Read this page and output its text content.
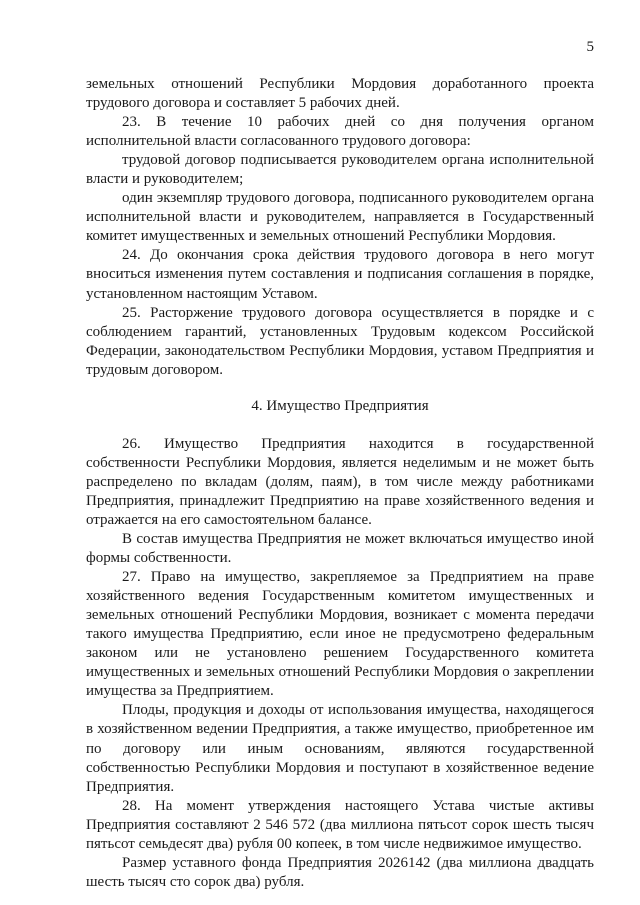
5

земельных отношений Республики Мордовия доработанного проекта трудового договора и составляет 5 рабочих дней.

23. В течение 10 рабочих дней со дня получения органом исполнительной власти согласованного трудового договора:

трудовой договор подписывается руководителем органа исполнительной власти и руководителем;

один экземпляр трудового договора, подписанного руководителем органа исполнительной власти и руководителем, направляется в Государственный комитет имущественных и земельных отношений Республики Мордовия.

24. До окончания срока действия трудового договора в него могут вноситься изменения путем составления и подписания соглашения в порядке, установленном настоящим Уставом.

25. Расторжение трудового договора осуществляется в порядке и с соблюдением гарантий, установленных Трудовым кодексом Российской Федерации, законодательством Республики Мордовия, уставом Предприятия и трудовым договором.

4. Имущество Предприятия

26. Имущество Предприятия находится в государственной собственности Республики Мордовия, является неделимым и не может быть распределено по вкладам (долям, паям), в том числе между работниками Предприятия, принадлежит Предприятию на праве хозяйственного ведения и отражается на его самостоятельном балансе.

В состав имущества Предприятия не может включаться имущество иной формы собственности.

27. Право на имущество, закрепляемое за Предприятием на праве хозяйственного ведения Государственным комитетом имущественных и земельных отношений Республики Мордовия, возникает с момента передачи такого имущества Предприятию, если иное не предусмотрено федеральным законом или не установлено решением Государственного комитета имущественных и земельных отношений Республики Мордовия о закреплении имущества за Предприятием.

Плоды, продукция и доходы от использования имущества, находящегося в хозяйственном ведении Предприятия, а также имущество, приобретенное им по договору или иным основаниям, являются государственной собственностью Республики Мордовия и поступают в хозяйственное ведение Предприятия.

28. На момент утверждения настоящего Устава чистые активы Предприятия составляют 2 546 572 (два миллиона пятьсот сорок шесть тысяч пятьсот семьдесят два) рубля 00 копеек, в том числе недвижимое имущество.

Размер уставного фонда Предприятия 2026142 (два миллиона двадцать шесть тысяч сто сорок два) рубля.
